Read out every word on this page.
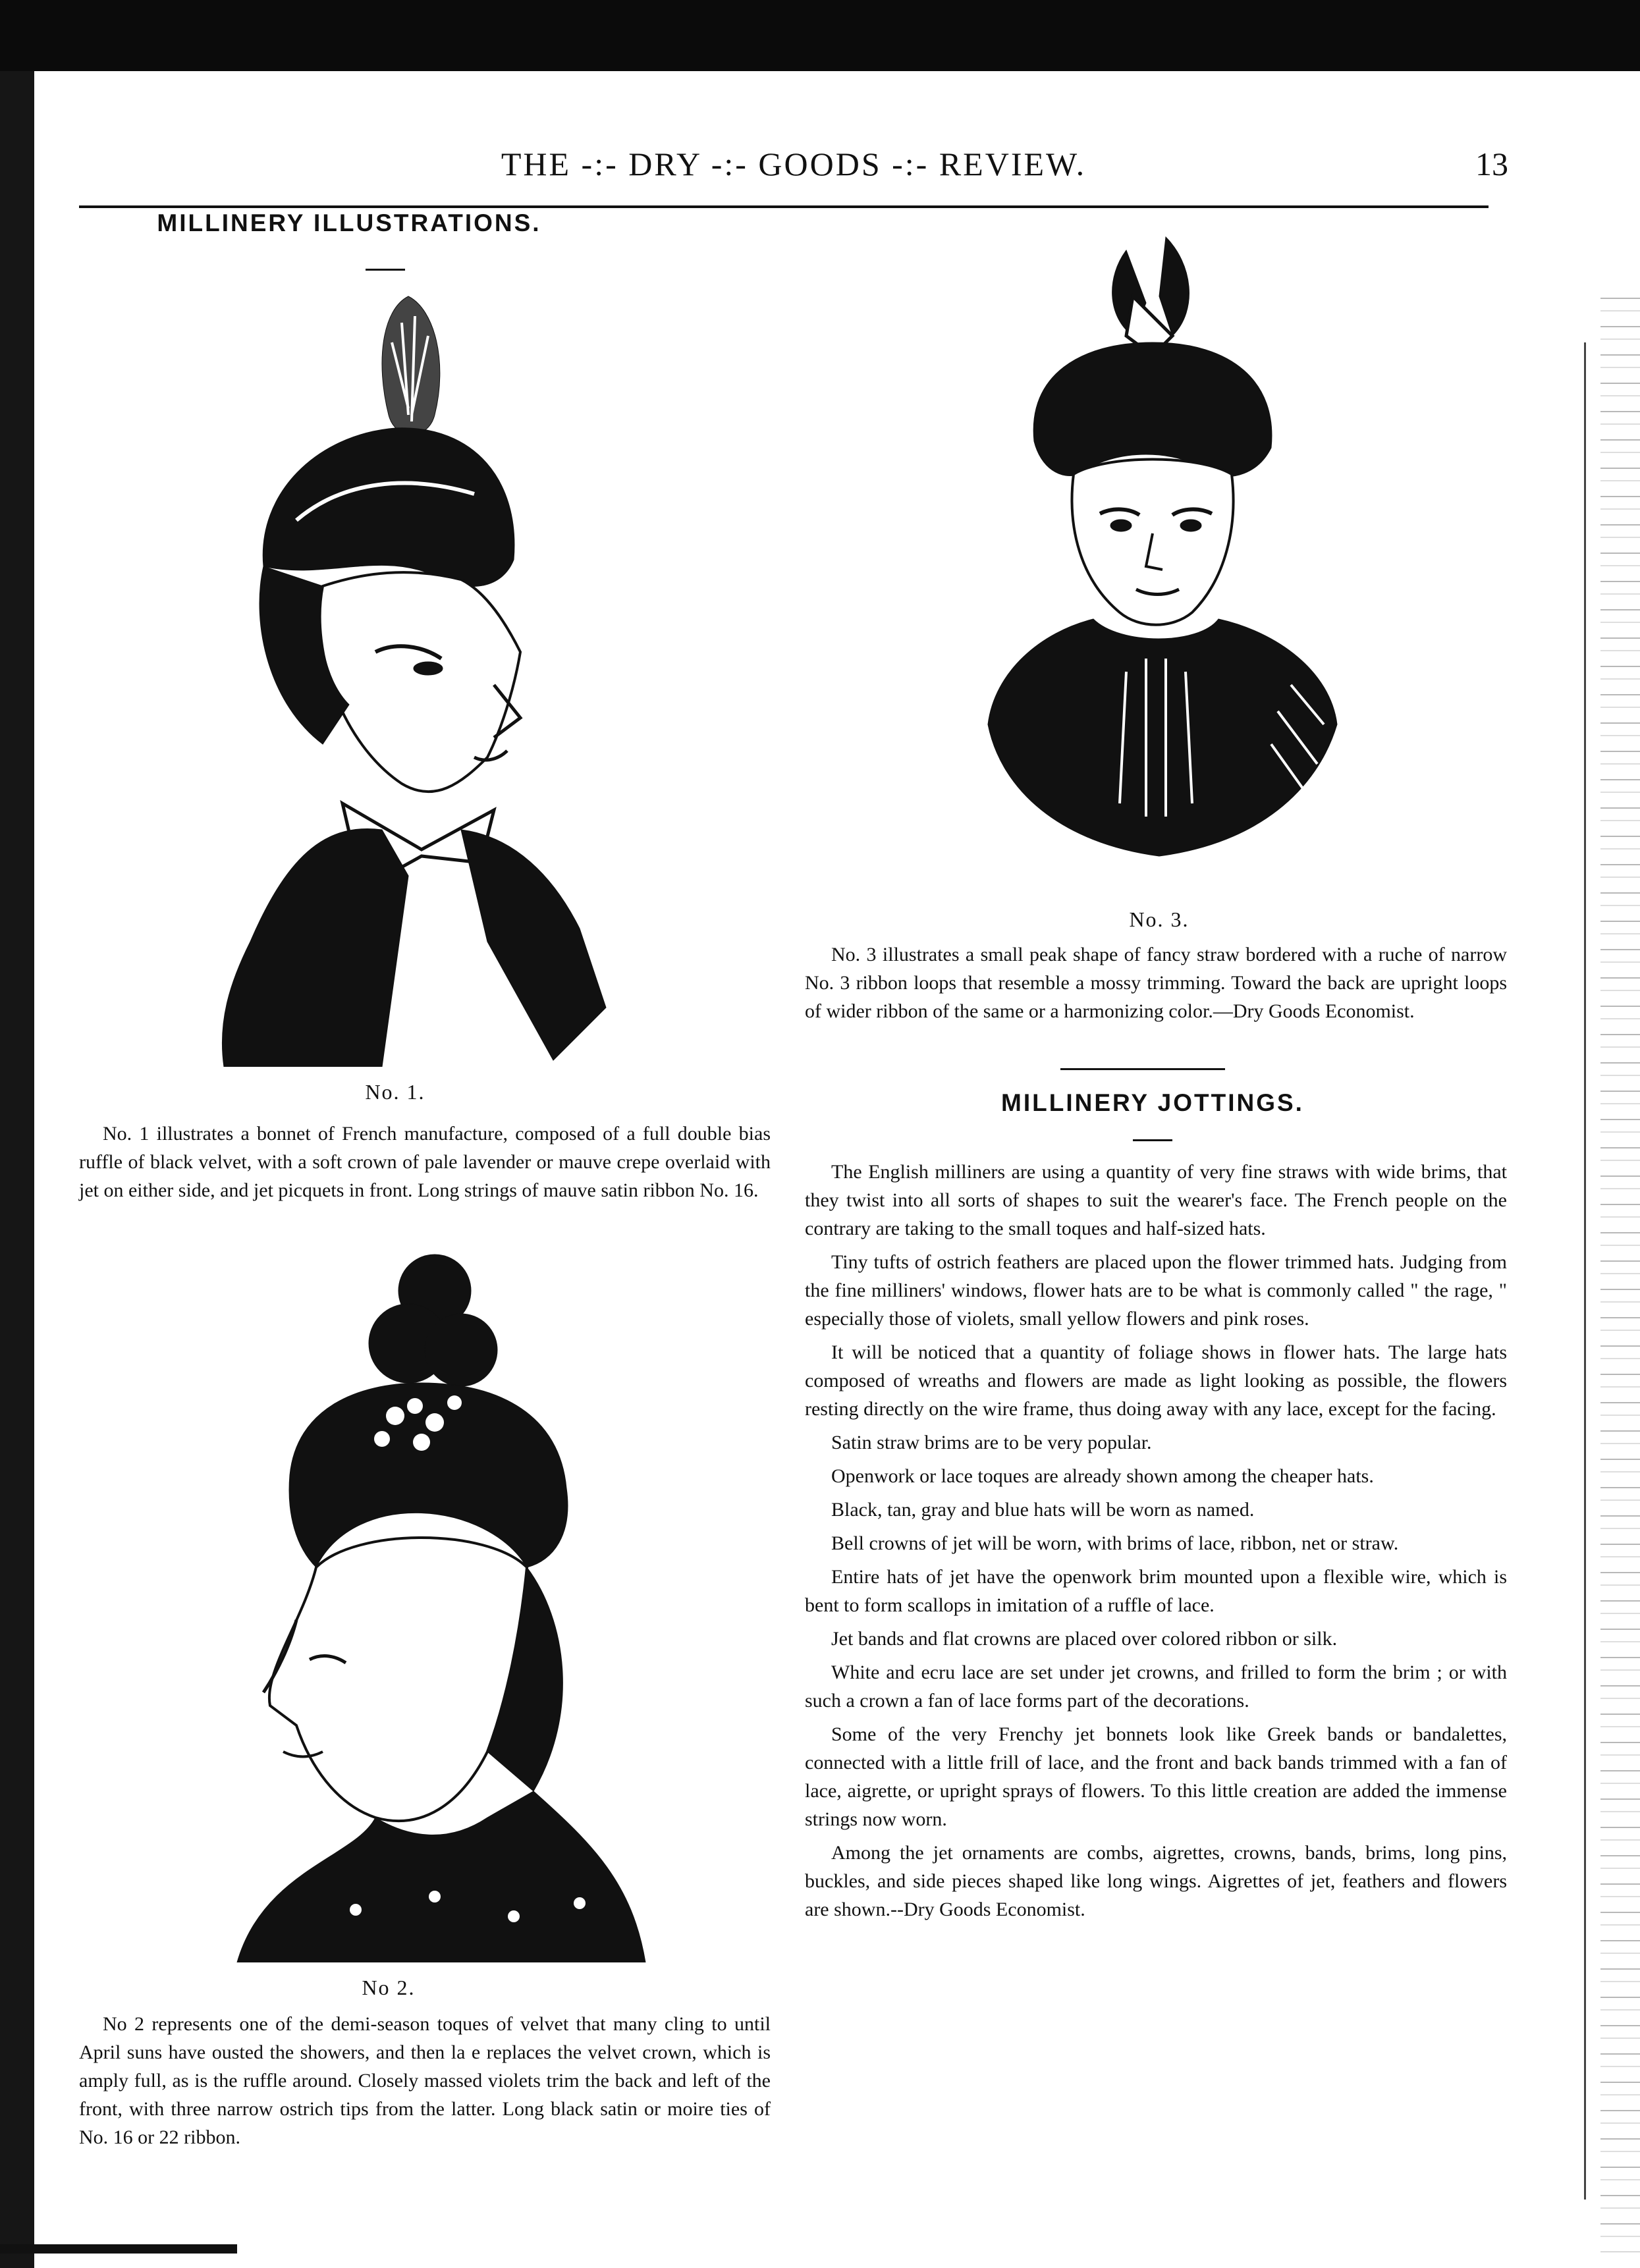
THE -:- DRY -:- GOODS -:- REVIEW.	13
MILLINERY ILLUSTRATIONS.
No. 1.

No. 1 illustrates a bonnet of French manufacture, composed of a full double bias ruffle of black velvet, with a soft crown of pale lavender or mauve crepe overlaid with jet on either side, and jet picquets in front. Long strings of mauve satin ribbon No. 16.

No 2.

No 2 represents one of the demi-season toques of velvet that many cling to until April suns have ousted the showers, and then la e replaces the velvet crown, which is amply full, as is the ruffle around. Closely massed violets trim the back and left of the front, with three narrow ostrich tips from the latter. Long black satin or moire ties of No. 16 or 22 ribbon.

No. 3.

No. 3 illustrates a small peak shape of fancy straw bordered with a ruche of narrow No. 3 ribbon loops that resemble a mossy trimming. Toward the back are upright loops of wider ribbon of the same or a harmonizing color.—Dry Goods Economist.

MILLINERY JOTTINGS.

The English milliners are using a quantity of very fine straws with wide brims, that they twist into all sorts of shapes to suit the wearer's face. The French people on the contrary are taking to the small toques and half-sized hats.

Tiny tufts of ostrich feathers are placed upon the flower trimmed hats. Judging from the fine milliners' windows, flower hats are to be what is commonly called " the rage, " especially those of violets, small yellow flowers and pink roses.

It will be noticed that a quantity of foliage shows in flower hats. The large hats composed of wreaths and flowers are made as light looking as possible, the flowers resting directly on the wire frame, thus doing away with any lace, except for the facing.

Satin straw brims are to be very popular.

Openwork or lace toques are already shown among the cheaper hats.

Black, tan, gray and blue hats will be worn as named.

Bell crowns of jet will be worn, with brims of lace, ribbon, net or straw.

Entire hats of jet have the openwork brim mounted upon a flexible wire, which is bent to form scallops in imitation of a ruffle of lace.

Jet bands and flat crowns are placed over colored ribbon or silk.

White and ecru lace are set under jet crowns, and frilled to form the brim ; or with such a crown a fan of lace forms part of the decorations.

Some of the very Frenchy jet bonnets look like Greek bands or bandalettes, connected with a little frill of lace, and the front and back bands trimmed with a fan of lace, aigrette, or upright sprays of flowers. To this little creation are added the immense strings now worn.

Among the jet ornaments are combs, aigrettes, crowns, bands, brims, long pins, buckles, and side pieces shaped like long wings. Aigrettes of jet, feathers and flowers are shown.--Dry Goods Economist.
